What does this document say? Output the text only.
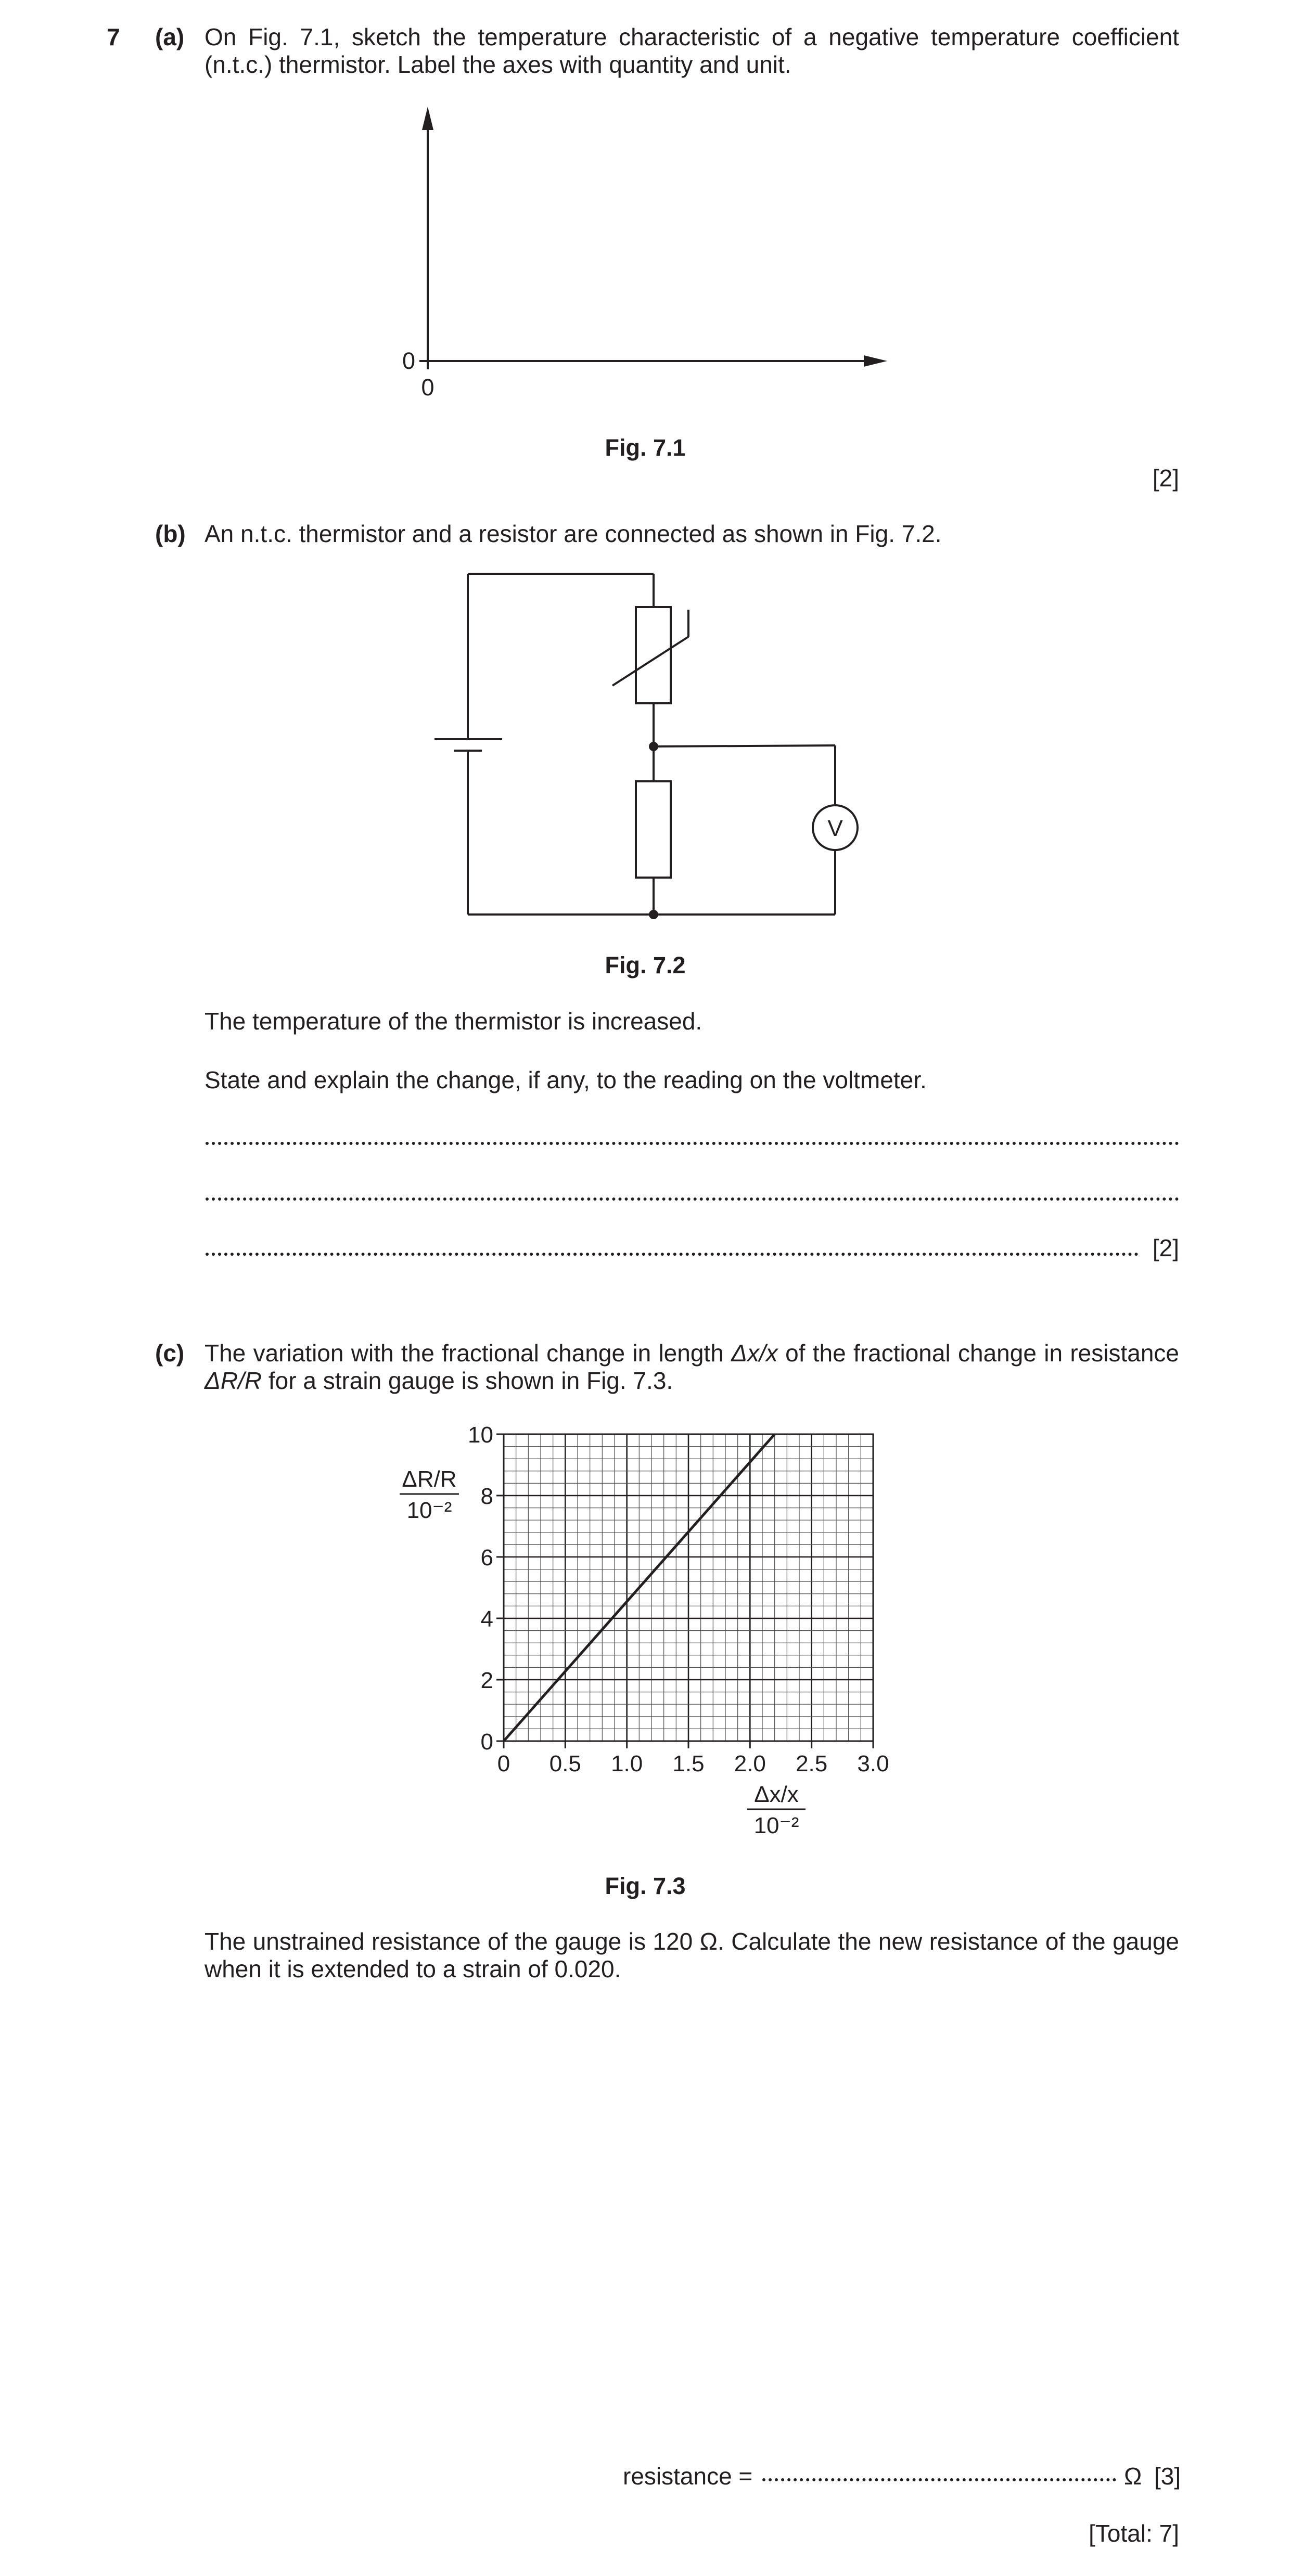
7 (a) On Fig. 7.1, sketch the temperature characteristic of a negative temperature coefficient (n.t.c.) thermistor. Label the axes with quantity and unit.
0
0
Fig. 7.1
[2]
(b) An n.t.c. thermistor and a resistor are connected as shown in Fig. 7.2.
V
Fig. 7.2
The temperature of the thermistor is increased.
State and explain the change, if any, to the reading on the voltmeter.
[2]
(c) The variation with the fractional change in length Δx/x of the fractional change in resistance ΔR/R for a strain gauge is shown in Fig. 7.3.
0 0.5 1.0 1.5 2.0 2.5 3.0
0
2
4
6
8
10
ΔR/R
10⁻²
Δx/x
10⁻²
Fig. 7.3
The unstrained resistance of the gauge is 120 Ω. Calculate the new resistance of the gauge when it is extended to a strain of 0.020.
resistance =	Ω [3]
[Total: 7]
